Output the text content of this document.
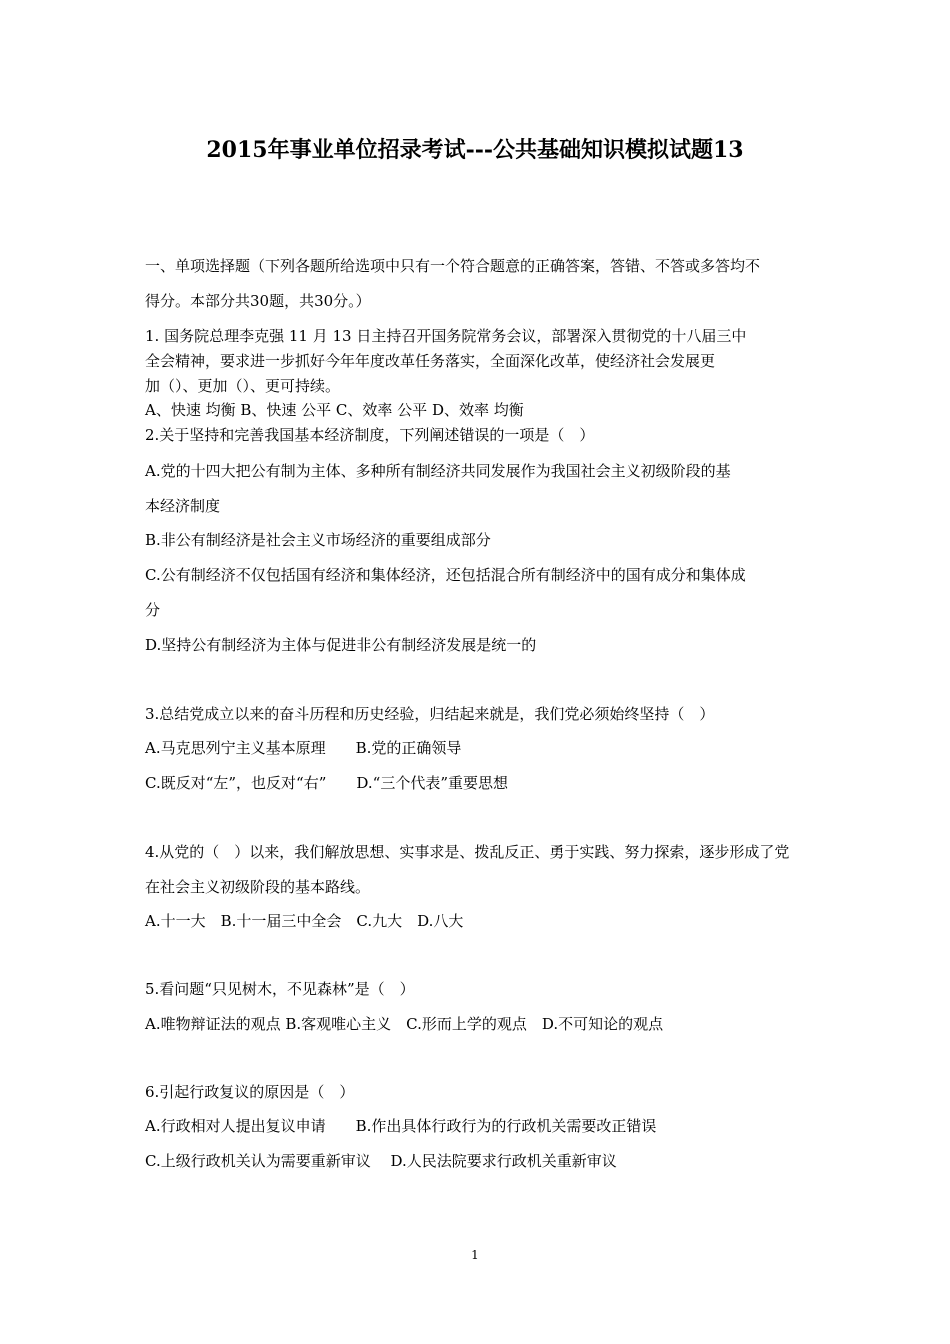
2015年事业单位招录考试---公共基础知识模拟试题13
一、单项选择题（下列各题所给选项中只有一个符合题意的正确答案，答错、不答或多答均不
得分。本部分共30题，共30分。）
1. 国务院总理李克强 11 月 13 日主持召开国务院常务会议，部署深入贯彻党的十八届三中
全会精神，要求进一步抓好今年年度改革任务落实，全面深化改革，使经济社会发展更
加（）、更加（）、更可持续。
A、快速 均衡 B、快速 公平 C、效率 公平 D、效率 均衡
2.关于坚持和完善我国基本经济制度，下列阐述错误的一项是（　）
A.党的十四大把公有制为主体、多种所有制经济共同发展作为我国社会主义初级阶段的基
本经济制度
B.非公有制经济是社会主义市场经济的重要组成部分
C.公有制经济不仅包括国有经济和集体经济，还包括混合所有制经济中的国有成分和集体成
分
D.坚持公有制经济为主体与促进非公有制经济发展是统一的
3.总结党成立以来的奋斗历程和历史经验，归结起来就是，我们党必须始终坚持（　）
A.马克思列宁主义基本原理　　B.党的正确领导
C.既反对“左”，也反对“右”　　D.“三个代表”重要思想
4.从党的（　）以来，我们解放思想、实事求是、拨乱反正、勇于实践、努力探索，逐步形成了党
在社会主义初级阶段的基本路线。
A.十一大　B.十一届三中全会　C.九大　D.八大
5.看问题“只见树木，不见森林”是（　）
A.唯物辩证法的观点 B.客观唯心主义　C.形而上学的观点　D.不可知论的观点
6.引起行政复议的原因是（　）
A.行政相对人提出复议申请　　B.作出具体行政行为的行政机关需要改正错误
C.上级行政机关认为需要重新审议　 D.人民法院要求行政机关重新审议
1
